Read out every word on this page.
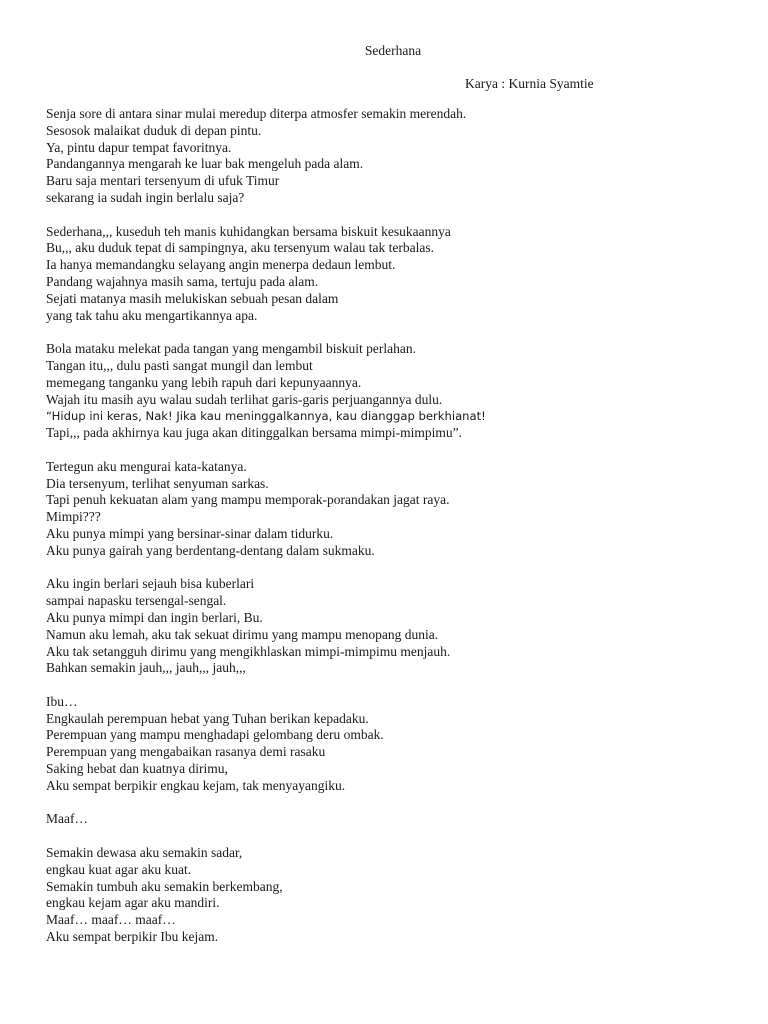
Sederhana
Karya : Kurnia Syamtie
Senja sore di antara sinar mulai meredup diterpa atmosfer semakin merendah.
Sesosok malaikat duduk di depan pintu.
Ya, pintu dapur tempat favoritnya.
Pandangannya mengarah ke luar bak mengeluh pada alam.
Baru saja mentari tersenyum di ufuk Timur
sekarang ia sudah ingin berlalu saja?
Sederhana,,, kuseduh teh manis kuhidangkan bersama biskuit kesukaannya
Bu,,, aku duduk tepat di sampingnya, aku tersenyum walau tak terbalas.
Ia hanya memandangku selayang angin menerpa dedaun lembut.
Pandang wajahnya masih sama, tertuju pada alam.
Sejati matanya masih melukiskan sebuah pesan dalam
yang tak tahu aku mengartikannya apa.
Bola mataku melekat pada tangan yang mengambil biskuit perlahan.
Tangan itu,,, dulu pasti sangat mungil dan lembut
memegang tanganku yang lebih rapuh dari kepunyaannya.
Wajah itu masih ayu walau sudah terlihat garis-garis perjuangannya dulu.
“Hidup ini keras, Nak! Jika kau meninggalkannya, kau dianggap berkhianat!
Tapi,,, pada akhirnya kau juga akan ditinggalkan bersama mimpi-mimpimu”.
Tertegun aku mengurai kata-katanya.
Dia tersenyum, terlihat senyuman sarkas.
Tapi penuh kekuatan alam yang mampu memporak-porandakan jagat raya.
Mimpi???
Aku punya mimpi yang bersinar-sinar dalam tidurku.
Aku punya gairah yang berdentang-dentang dalam sukmaku.
Aku ingin berlari sejauh bisa kuberlari
sampai napasku tersengal-sengal.
Aku punya mimpi dan ingin berlari, Bu.
Namun aku lemah, aku tak sekuat dirimu yang mampu menopang dunia.
Aku tak setangguh dirimu yang mengikhlaskan mimpi-mimpimu menjauh.
Bahkan semakin jauh,,, jauh,,, jauh,,,
Ibu…
Engkaulah perempuan hebat yang Tuhan berikan kepadaku.
Perempuan yang mampu menghadapi gelombang deru ombak.
Perempuan yang mengabaikan rasanya demi rasaku
Saking hebat dan kuatnya dirimu,
Aku sempat berpikir engkau kejam, tak menyayangiku.
Maaf…
Semakin dewasa aku semakin sadar,
engkau kuat agar aku kuat.
Semakin tumbuh aku semakin berkembang,
engkau kejam agar aku mandiri.
Maaf… maaf… maaf…
Aku sempat berpikir Ibu kejam.
